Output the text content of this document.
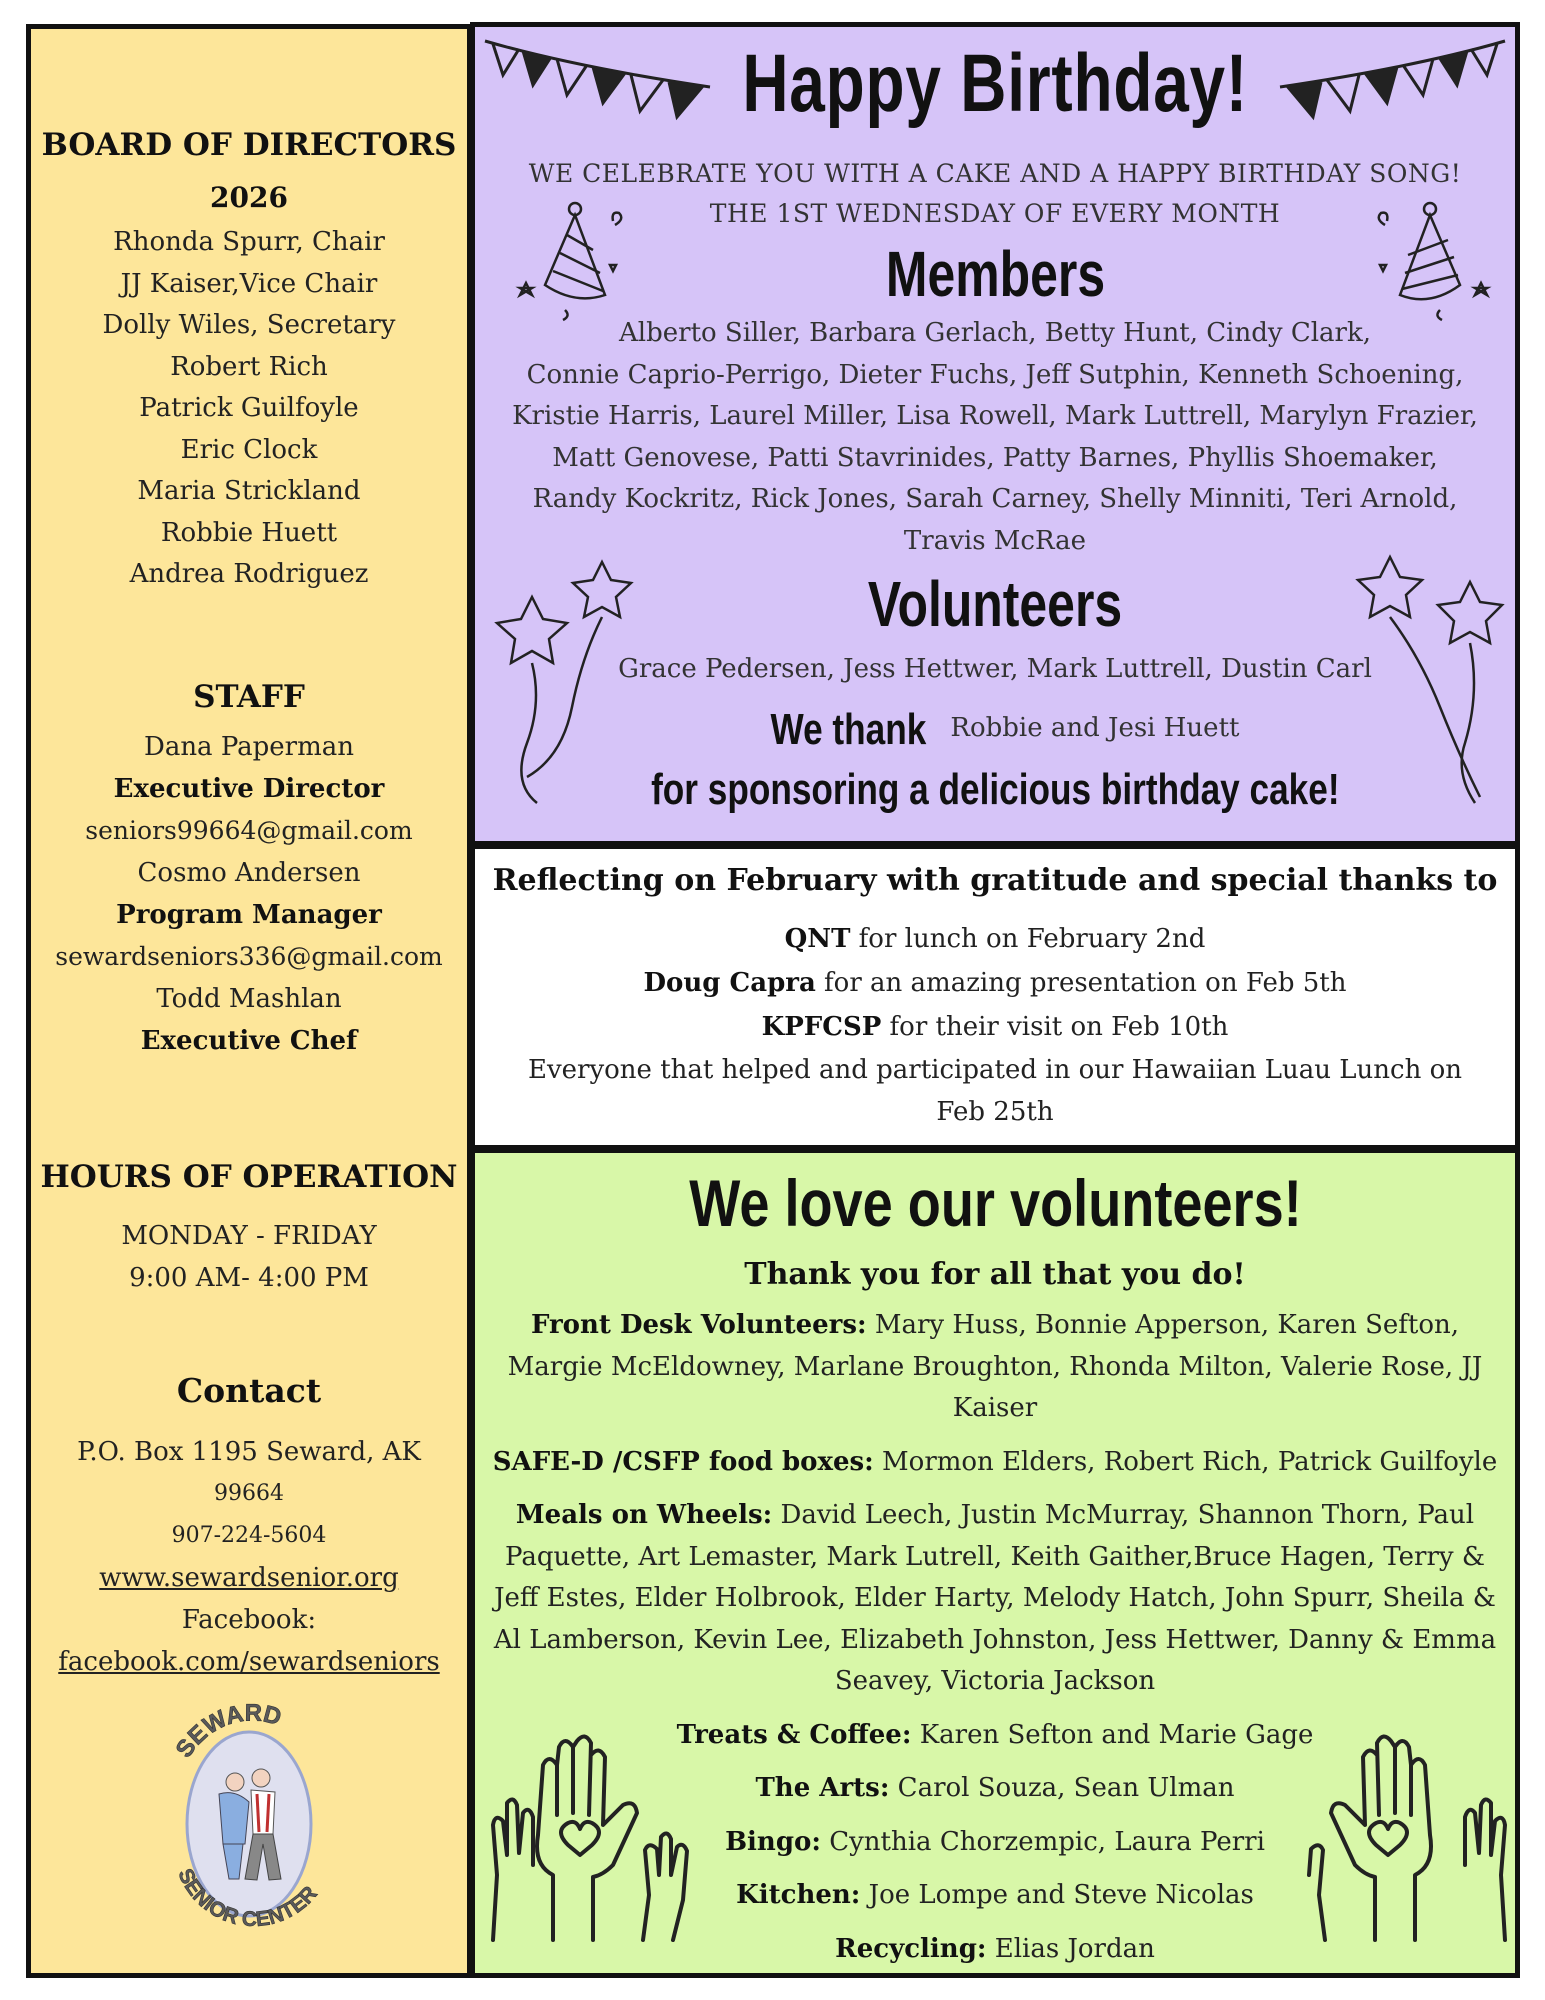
BOARD OF DIRECTORS

2026

Rhonda Spurr, Chair
JJ Kaiser,Vice Chair
Dolly Wiles, Secretary
Robert Rich
Patrick Guilfoyle
Eric Clock
Maria Strickland
Robbie Huett
Andrea Rodriguez

STAFF

Dana Paperman
Executive Director
seniors99664@gmail.com
Cosmo Andersen
Program Manager
sewardseniors336@gmail.com
Todd Mashlan
Executive Chef

HOURS OF OPERATION

MONDAY - FRIDAY
9:00 AM- 4:00 PM

Contact

P.O. Box 1195 Seward, AK
99664
907-224-5604
www.sewardsenior.org
Facebook:
facebook.com/sewardseniors
SEWARD
SENIOR CENTER
Happy Birthday!

WE CELEBRATE YOU WITH A CAKE AND A HAPPY BIRTHDAY SONG!

THE 1ST WEDNESDAY OF EVERY MONTH

Members
Alberto Siller, Barbara Gerlach, Betty Hunt, Cindy Clark,
Connie Caprio-Perrigo, Dieter Fuchs, Jeff Sutphin, Kenneth Schoening,
Kristie Harris, Laurel Miller, Lisa Rowell, Mark Luttrell, Marylyn Frazier,
Matt Genovese, Patti Stavrinides, Patty Barnes, Phyllis Shoemaker,
Randy Kockritz, Rick Jones, Sarah Carney, Shelly Minniti, Teri Arnold,
Travis McRae
Volunteers

Grace Pedersen, Jess Hettwer, Mark Luttrell, Dustin Carl

We thank Robbie and Jesi Huett
for sponsoring a delicious birthday cake!

Reflecting on February with gratitude and special thanks to

QNT for lunch on February 2nd
Doug Capra for an amazing presentation on Feb 5th
KPFCSP for their visit on Feb 10th
Everyone that helped and participated in our Hawaiian Luau Lunch on
Feb 25th
We love our volunteers!

Thank you for all that you do!

Front Desk Volunteers: Mary Huss, Bonnie Apperson, Karen Sefton, Margie McEldowney, Marlane Broughton, Rhonda Milton, Valerie Rose, JJ Kaiser
SAFE-D /CSFP food boxes: Mormon Elders, Robert Rich, Patrick Guilfoyle
Meals on Wheels: David Leech, Justin McMurray, Shannon Thorn, Paul Paquette, Art Lemaster, Mark Lutrell, Keith Gaither,Bruce Hagen, Terry & Jeff Estes, Elder Holbrook, Elder Harty, Melody Hatch, John Spurr, Sheila & Al Lamberson, Kevin Lee, Elizabeth Johnston, Jess Hettwer, Danny & Emma Seavey, Victoria Jackson
Treats & Coffee: Karen Sefton and Marie Gage
The Arts: Carol Souza, Sean Ulman
Bingo: Cynthia Chorzempic, Laura Perri
Kitchen: Joe Lompe and Steve Nicolas
Recycling: Elias Jordan
